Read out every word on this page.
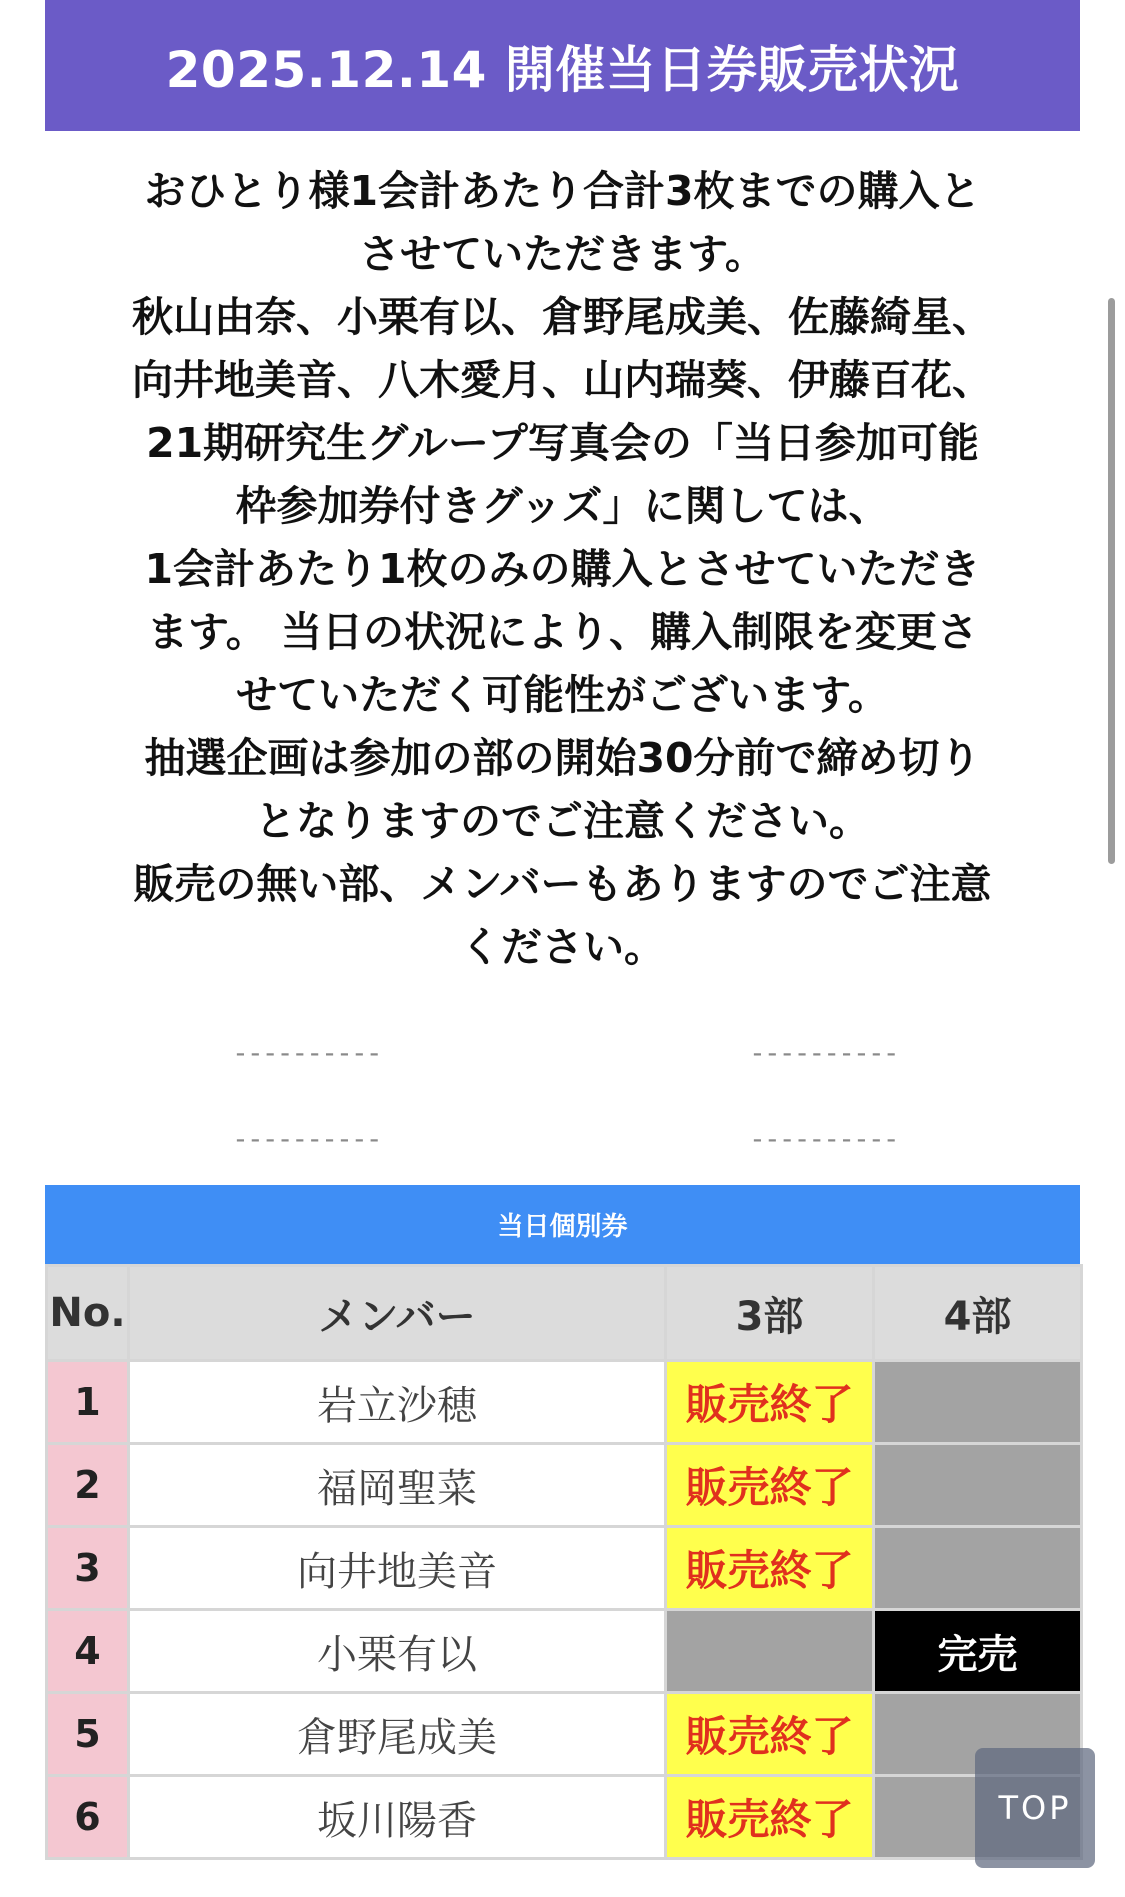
2025.12.14 開催当日券販売状況

おひとり様1会計あたり合計3枚までの購入と

させていただきます。

秋山由奈、小栗有以、倉野尾成美、佐藤綺星、

向井地美音、八木愛月、山内瑞葵、伊藤百花、

21期研究生グループ写真会の「当日参加可能

枠参加券付きグッズ」に関しては、

1会計あたり1枚のみの購入とさせていただき

ます。 当日の状況により、購入制限を変更さ

せていただく可能性がございます。

抽選企画は参加の部の開始30分前で締め切り

となりますのでご注意ください。

販売の無い部、メンバーもありますのでご注意

ください。

----------	----------
----------	----------
当日個別券
No.	メンバー	3部	4部
1	岩立沙穂	販売終了	
2	福岡聖菜	販売終了	
3	向井地美音	販売終了	
4	小栗有以		完売
5	倉野尾成美	販売終了	
6	坂川陽香	販売終了		TOP
